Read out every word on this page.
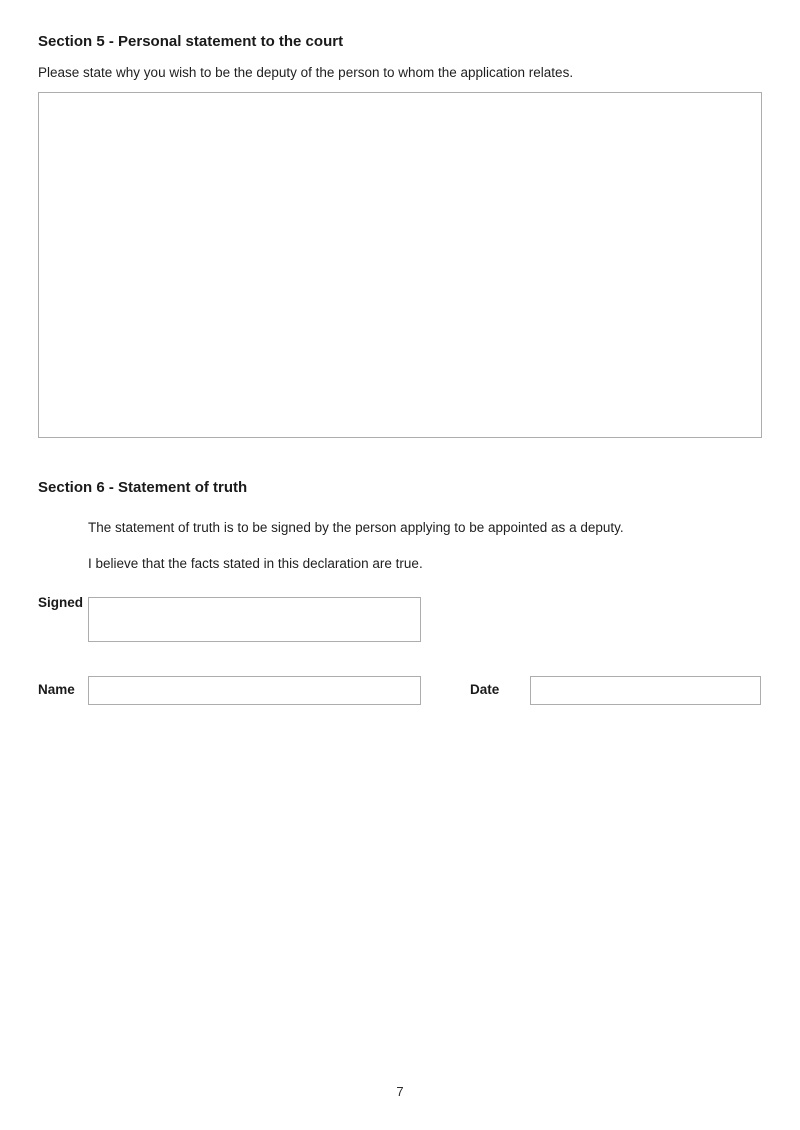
Section 5 - Personal statement to the court
Please state why you wish to be the deputy of the person to whom the application relates.
Section 6 - Statement of truth
The statement of truth is to be signed by the person applying to be appointed as a deputy.
I believe that the facts stated in this declaration are true.
Signed
Name	Date
7
